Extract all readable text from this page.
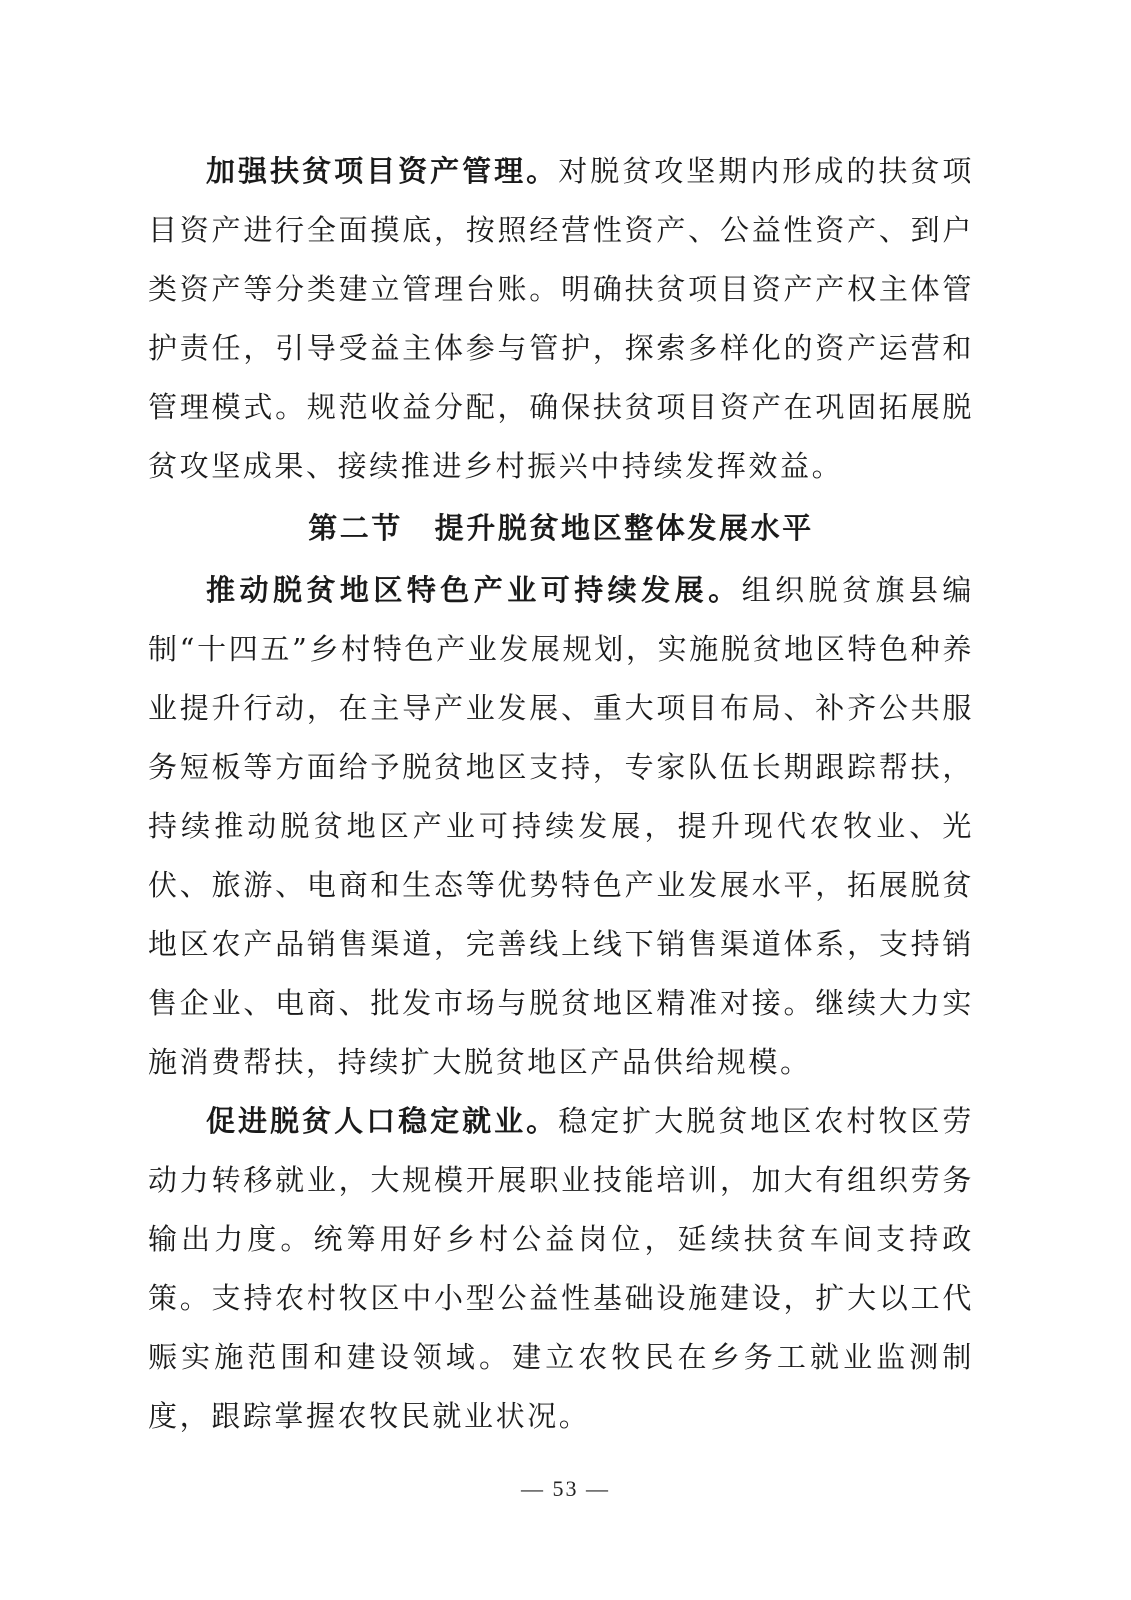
加强扶贫项目资产管理。对脱贫攻坚期内形成的扶贫项目资产进行全面摸底，按照经营性资产、公益性资产、到户类资产等分类建立管理台账。明确扶贫项目资产产权主体管护责任，引导受益主体参与管护，探索多样化的资产运营和管理模式。规范收益分配，确保扶贫项目资产在巩固拓展脱贫攻坚成果、接续推进乡村振兴中持续发挥效益。

第二节　提升脱贫地区整体发展水平

推动脱贫地区特色产业可持续发展。组织脱贫旗县编制“十四五”乡村特色产业发展规划，实施脱贫地区特色种养业提升行动，在主导产业发展、重大项目布局、补齐公共服务短板等方面给予脱贫地区支持，专家队伍长期跟踪帮扶，持续推动脱贫地区产业可持续发展，提升现代农牧业、光伏、旅游、电商和生态等优势特色产业发展水平，拓展脱贫地区农产品销售渠道，完善线上线下销售渠道体系，支持销售企业、电商、批发市场与脱贫地区精准对接。继续大力实施消费帮扶，持续扩大脱贫地区产品供给规模。

促进脱贫人口稳定就业。稳定扩大脱贫地区农村牧区劳动力转移就业，大规模开展职业技能培训，加大有组织劳务输出力度。统筹用好乡村公益岗位，延续扶贫车间支持政策。支持农村牧区中小型公益性基础设施建设，扩大以工代赈实施范围和建设领域。建立农牧民在乡务工就业监测制度，跟踪掌握农牧民就业状况。

— 53 —
